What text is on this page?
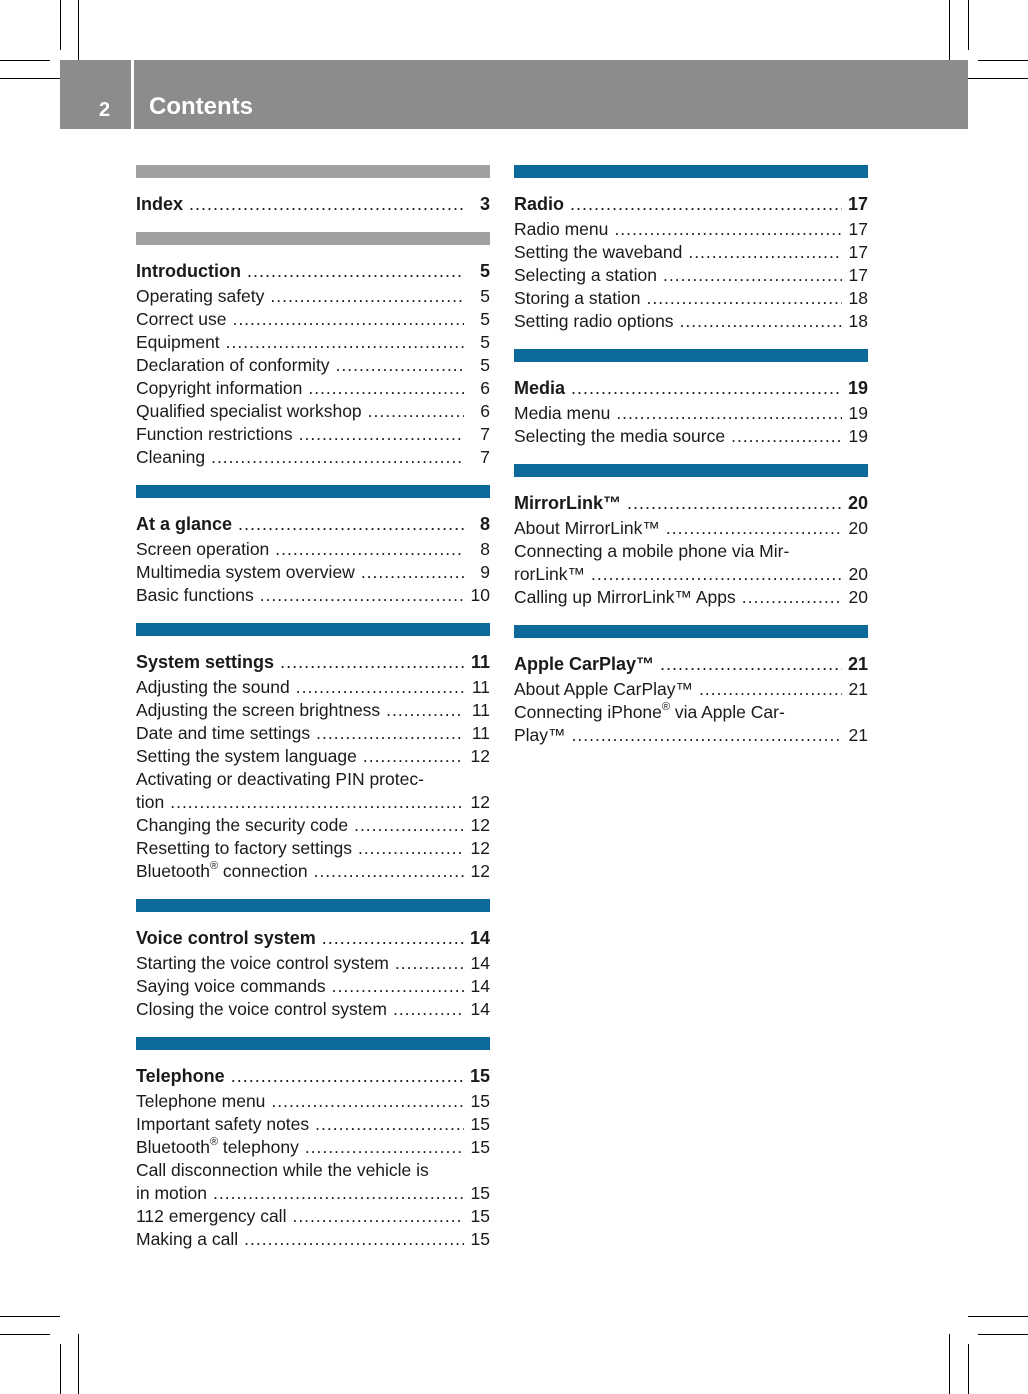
2 Contents
Index .....	3
Introduction .....	5
Operating safety .....	5
Correct use .....	5
Equipment .....	5
Declaration of conformity .....	5
Copyright information .....	6
Qualified specialist workshop .....	6
Function restrictions .....	7
Cleaning .....	7
At a glance .....	8
Screen operation .....	8
Multimedia system overview .....	9
Basic functions .....	10
System settings .....	11
Adjusting the sound .....	11
Adjusting the screen brightness .....	11
Date and time settings .....	11
Setting the system language .....	12
Activating or deactivating PIN protec-
tion .....	12
Changing the security code .....	12
Resetting to factory settings .....	12
Bluetooth® connection .....	12
Voice control system .....	14
Starting the voice control system .....	14
Saying voice commands .....	14
Closing the voice control system .....	14
Telephone .....	15
Telephone menu .....	15
Important safety notes .....	15
Bluetooth® telephony .....	15
Call disconnection while the vehicle is
in motion .....	15
112 emergency call .....	15
Making a call .....	15
Radio .....	17
Radio menu .....	17
Setting the waveband .....	17
Selecting a station .....	17
Storing a station .....	18
Setting radio options .....	18
Media .....	19
Media menu .....	19
Selecting the media source .....	19
MirrorLink™ .....	20
About MirrorLink™ .....	20
Connecting a mobile phone via Mir-
rorLink™ .....	20
Calling up MirrorLink™ Apps .....	20
Apple CarPlay™ .....	21
About Apple CarPlay™ .....	21
Connecting iPhone® via Apple Car-
Play™ .....	21
